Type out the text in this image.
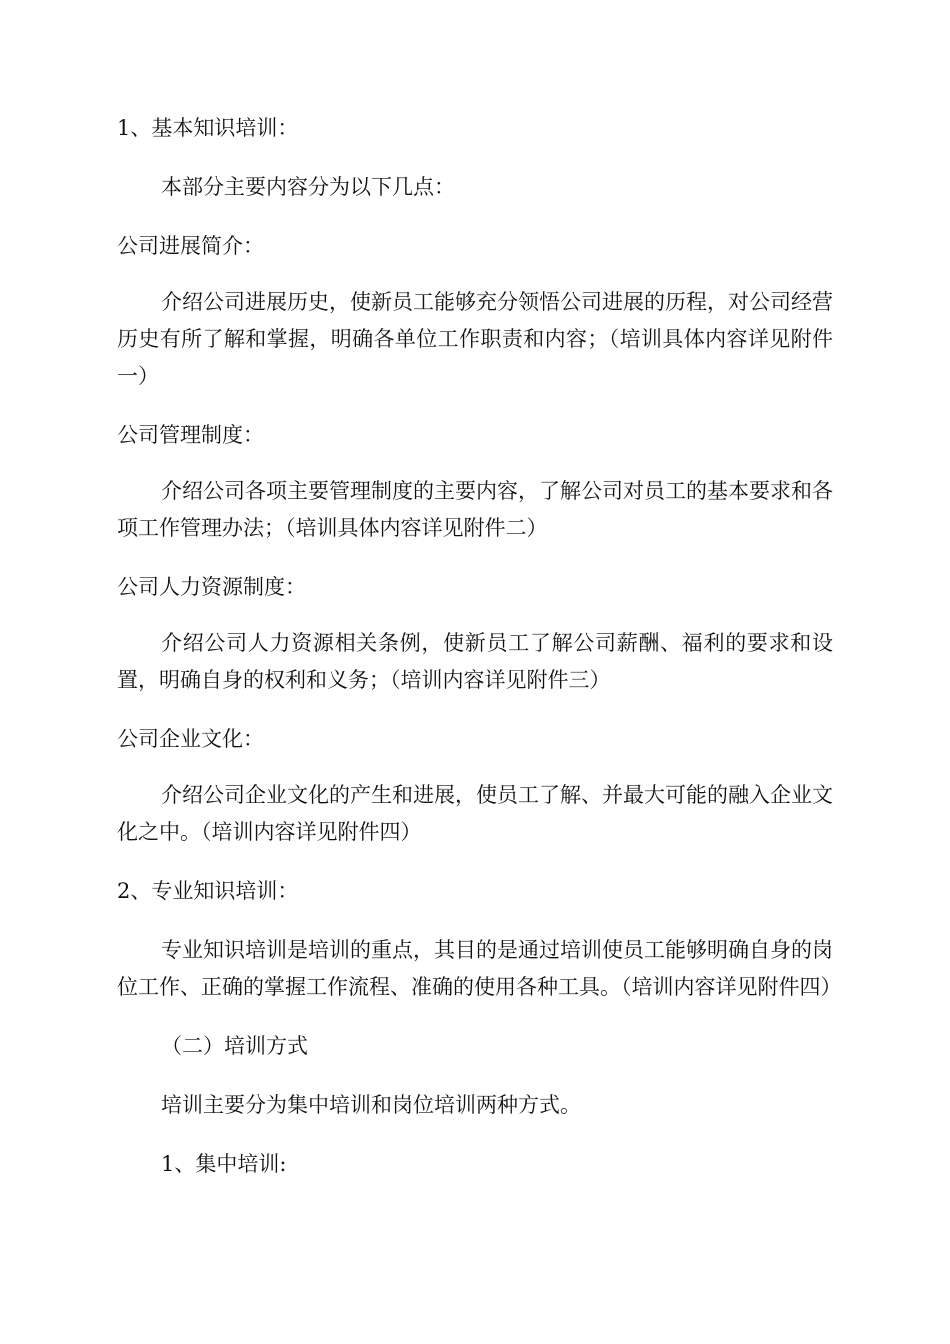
1、基本知识培训：

本部分主要内容分为以下几点：

公司进展简介：

介绍公司进展历史，使新员工能够充分领悟公司进展的历程，对公司经营历史有所了解和掌握，明确各单位工作职责和内容；（培训具体内容详见附件一）

公司管理制度：

介绍公司各项主要管理制度的主要内容，了解公司对员工的基本要求和各项工作管理办法；（培训具体内容详见附件二）

公司人力资源制度：

介绍公司人力资源相关条例，使新员工了解公司薪酬、福利的要求和设置，明确自身的权利和义务；（培训内容详见附件三）

公司企业文化：

介绍公司企业文化的产生和进展，使员工了解、并最大可能的融入企业文化之中。（培训内容详见附件四）

2、专业知识培训：

专业知识培训是培训的重点，其目的是通过培训使员工能够明确自身的岗位工作、正确的掌握工作流程、准确的使用各种工具。（培训内容详见附件四）

（二）培训方式

培训主要分为集中培训和岗位培训两种方式。

1、集中培训:
